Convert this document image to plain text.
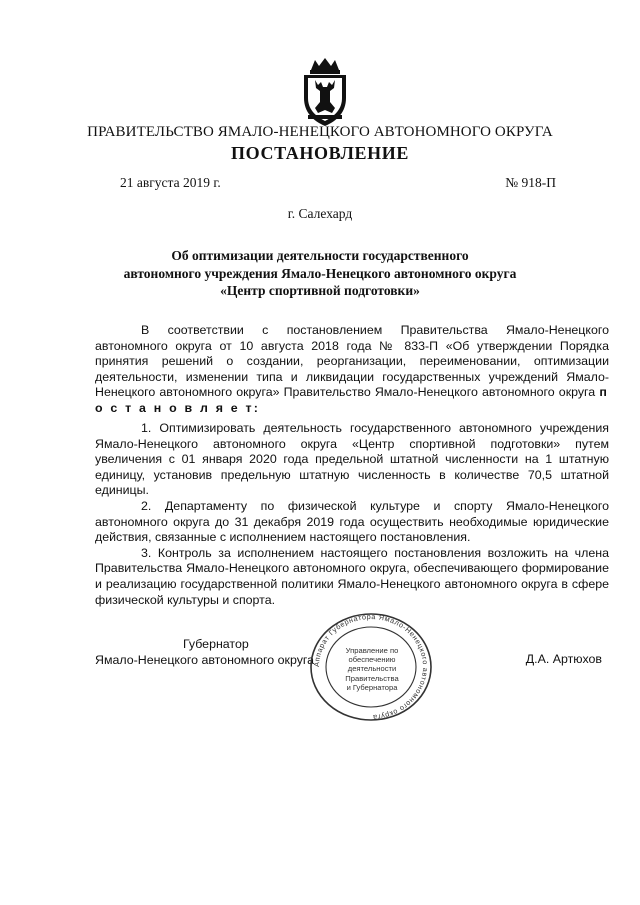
ПРАВИТЕЛЬСТВО ЯМАЛО-НЕНЕЦКОГО АВТОНОМНОГО ОКРУГА
ПОСТАНОВЛЕНИЕ
21 августа 2019 г.	№ 918-П
г. Салехард
Об оптимизации деятельности государственного
автономного учреждения Ямало-Ненецкого автономного округа
«Центр спортивной подготовки»

В соответствии с постановлением Правительства Ямало-Ненецкого автономного округа от 10 августа 2018 года № 833-П «Об утверждении Порядка принятия решений о создании, реорганизации, переименовании, оптимизации деятельности, изменении типа и ликвидации государственных учреждений Ямало-Ненецкого автономного округа» Правительство Ямало-Ненецкого автономного округа п о с т а н о в л я е т:

1. Оптимизировать деятельность государственного автономного учреждения Ямало-Ненецкого автономного округа «Центр спортивной подготовки» путем увеличения с 01 января 2020 года предельной штатной численности на 1 штатную единицу, установив предельную штатную численность в количестве 70,5 штатной единицы.

2. Департаменту по физической культуре и спорту Ямало-Ненецкого автономного округа до 31 декабря 2019 года осуществить необходимые юридические действия, связанные с исполнением настоящего постановления.

3. Контроль за исполнением настоящего постановления возложить на члена Правительства Ямало-Ненецкого автономного округа, обеспечивающего формирование и реализацию государственной политики Ямало-Ненецкого автономного округа в сфере физической культуры и спорта.

Губернатор
Ямало-Ненецкого автономного округа	Д.А. Артюхов
Аппарат Губернатора Ямало-Ненецкого автономного округа
Управление по
обеспечению
деятельности
Правительства
и Губернатора
